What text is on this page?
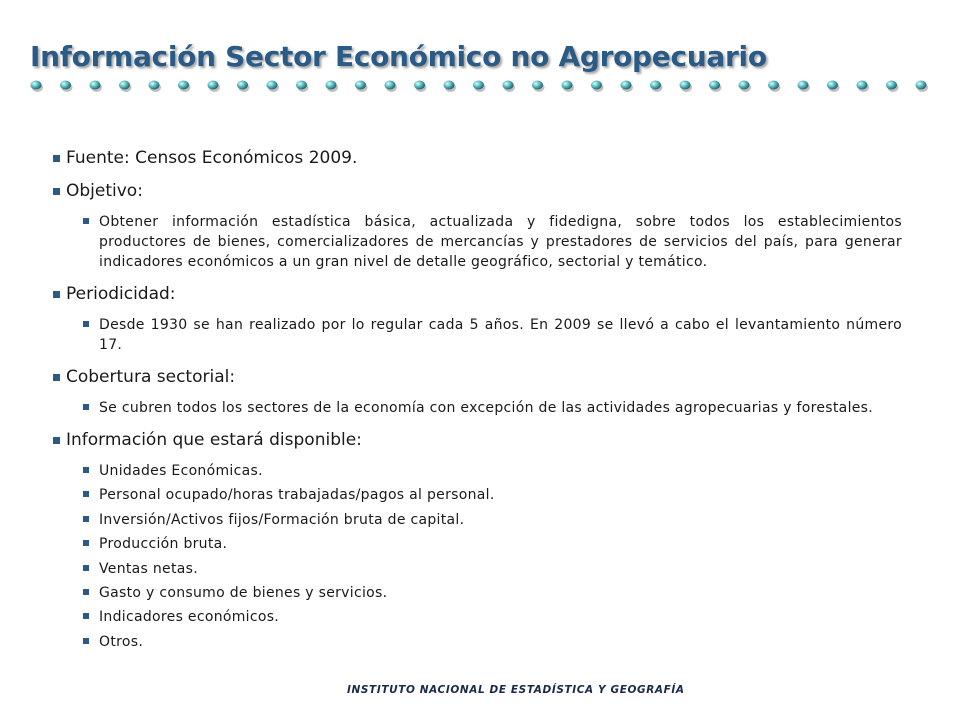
Información Sector Económico no Agropecuario
Fuente: Censos Económicos 2009.
Objetivo:
Obtener información estadística básica, actualizada y fidedigna, sobre todos los establecimientos productores de bienes, comercializadores de mercancías y prestadores de servicios del país, para generar indicadores económicos a un gran nivel de detalle geográfico, sectorial y temático.
Periodicidad:
Desde 1930 se han realizado por lo regular cada 5 años. En 2009 se llevó a cabo el levantamiento número 17.
Cobertura sectorial:
Se cubren todos los sectores de la economía con excepción de las actividades agropecuarias y forestales.
Información que estará disponible:
Unidades Económicas.
Personal ocupado/horas trabajadas/pagos al personal.
Inversión/Activos fijos/Formación bruta de capital.
Producción bruta.
Ventas netas.
Gasto y consumo de bienes y servicios.
Indicadores económicos.
Otros.
INSTITUTO NACIONAL DE ESTADÍSTICA Y GEOGRAFÍA
